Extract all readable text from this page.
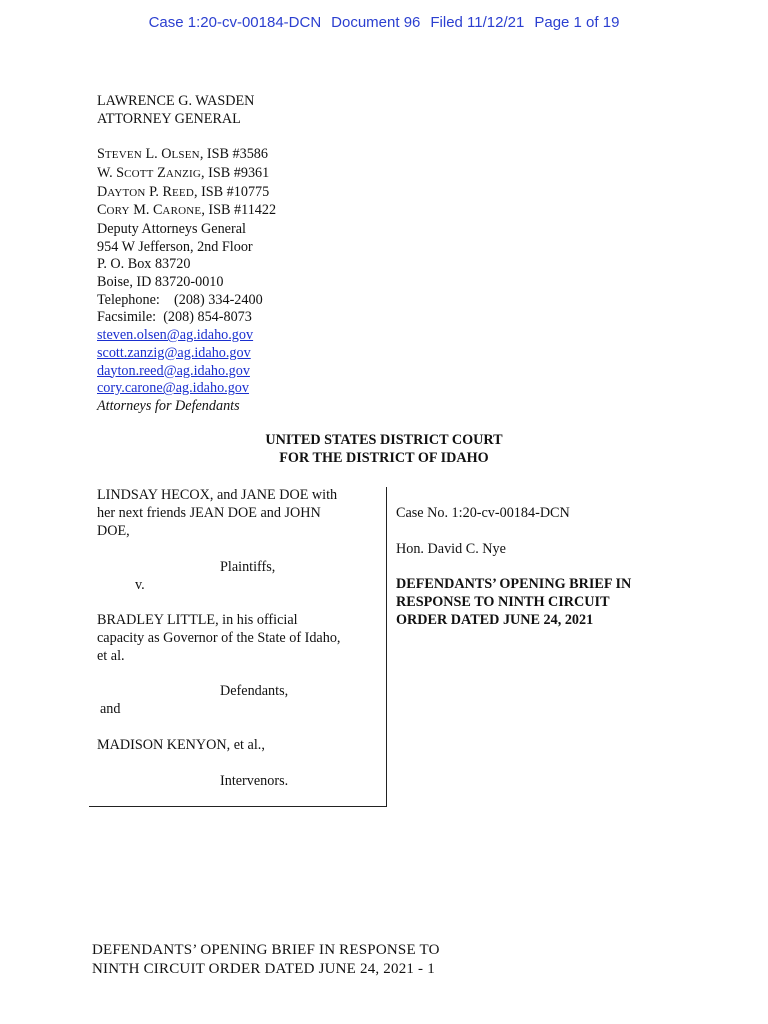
Case 1:20-cv-00184-DCN Document 96 Filed 11/12/21 Page 1 of 19
LAWRENCE G. WASDEN
ATTORNEY GENERAL
STEVEN L. OLSEN, ISB #3586
W. SCOTT ZANZIG, ISB #9361
DAYTON P. REED, ISB #10775
CORY M. CARONE, ISB #11422
Deputy Attorneys General
954 W Jefferson, 2nd Floor
P. O. Box 83720
Boise, ID 83720-0010
Telephone:    (208) 334-2400
Facsimile:  (208) 854-8073
steven.olsen@ag.idaho.gov
scott.zanzig@ag.idaho.gov
dayton.reed@ag.idaho.gov
cory.carone@ag.idaho.gov
Attorneys for Defendants
UNITED STATES DISTRICT COURT
FOR THE DISTRICT OF IDAHO
LINDSAY HECOX, and JANE DOE with
her next friends JEAN DOE and JOHN
DOE,
Plaintiffs,
v.
BRADLEY LITTLE, in his official
capacity as Governor of the State of Idaho,
et al.
Defendants,
and
MADISON KENYON, et al.,
Intervenors.
Case No. 1:20-cv-00184-DCN
Hon. David C. Nye
DEFENDANTS’ OPENING BRIEF IN
RESPONSE TO NINTH CIRCUIT
ORDER DATED JUNE 24, 2021
DEFENDANTS’ OPENING BRIEF IN RESPONSE TO
NINTH CIRCUIT ORDER DATED JUNE 24, 2021 - 1
